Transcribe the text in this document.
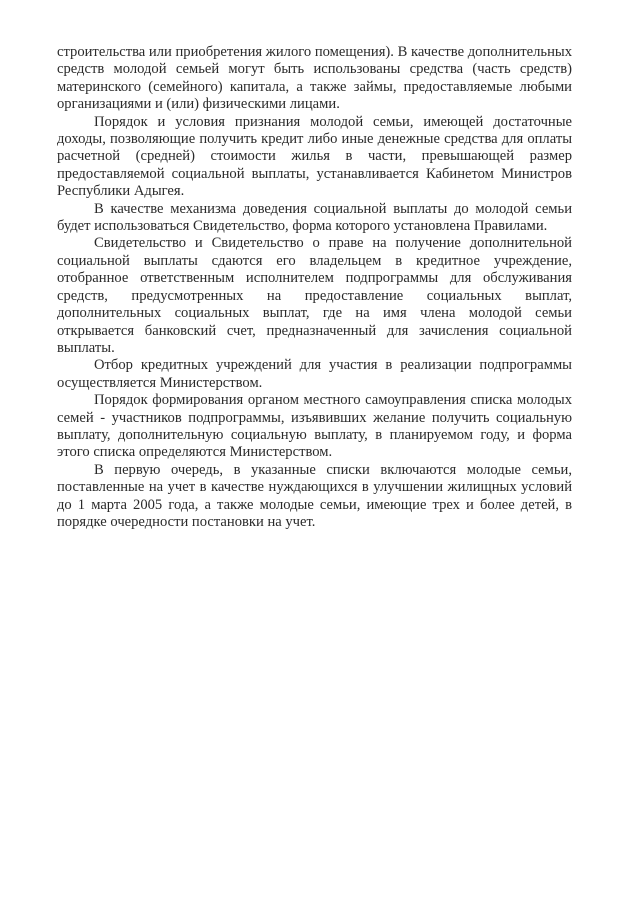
строительства или приобретения жилого помещения). В качестве дополнительных средств молодой семьей могут быть использованы средства (часть средств) материнского (семейного) капитала, а также займы, предоставляемые любыми организациями и (или) физическими лицами.

Порядок и условия признания молодой семьи, имеющей достаточные доходы, позволяющие получить кредит либо иные денежные средства для оплаты расчетной (средней) стоимости жилья в части, превышающей размер предоставляемой социальной выплаты, устанавливается Кабинетом Министров Республики Адыгея.

В качестве механизма доведения социальной выплаты до молодой семьи будет использоваться Свидетельство, форма которого установлена Правилами.

Свидетельство и Свидетельство о праве на получение дополнительной социальной выплаты сдаются его владельцем в кредитное учреждение, отобранное ответственным исполнителем подпрограммы для обслуживания средств, предусмотренных на предоставление социальных выплат, дополнительных социальных выплат, где на имя члена молодой семьи открывается банковский счет, предназначенный для зачисления социальной выплаты.

Отбор кредитных учреждений для участия в реализации подпрограммы осуществляется Министерством.

Порядок формирования органом местного самоуправления списка молодых семей - участников подпрограммы, изъявивших желание получить социальную выплату, дополнительную социальную выплату, в планируемом году, и форма этого списка определяются Министерством.

В первую очередь, в указанные списки включаются молодые семьи, поставленные на учет в качестве нуждающихся в улучшении жилищных условий до 1 марта 2005 года, а также молодые семьи, имеющие трех и более детей, в порядке очередности постановки на учет.
